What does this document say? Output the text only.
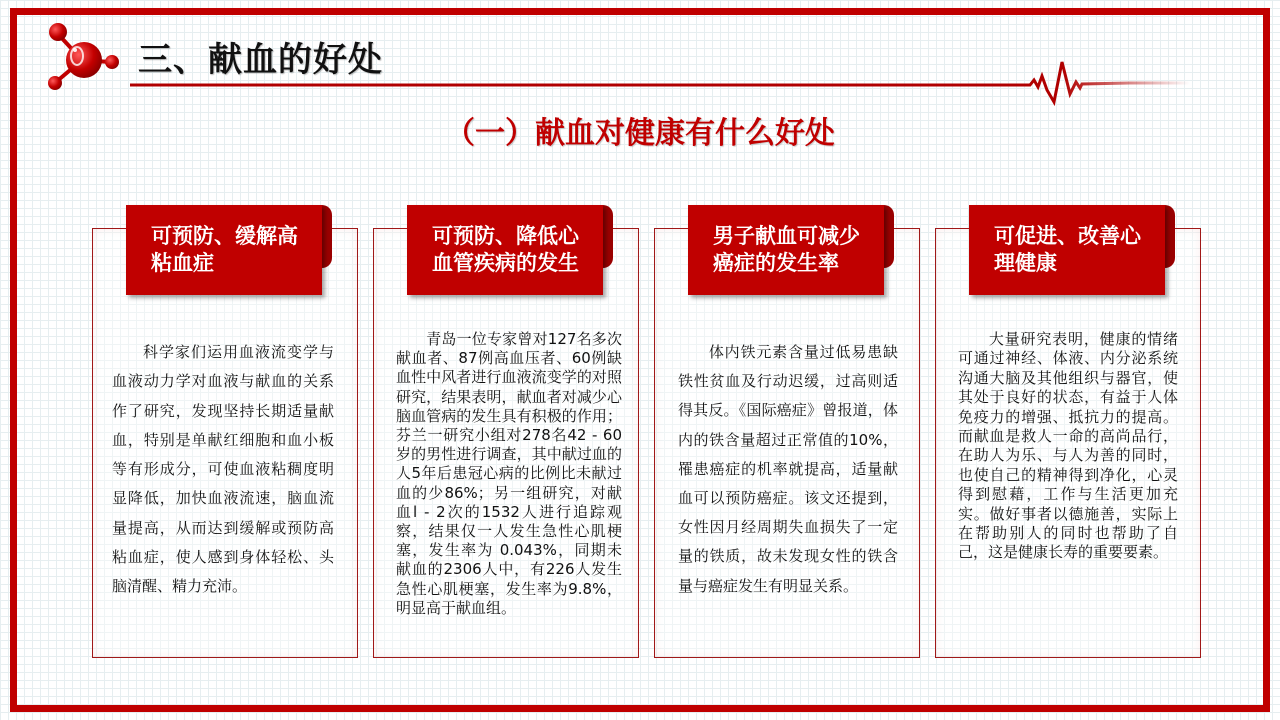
三、献血的好处
（一）献血对健康有什么好处
可预防、缓解高
粘血症
科学家们运用血液流变学与血液动力学对血液与献血的关系作了研究，发现坚持长期适量献血，特别是单献红细胞和血小板等有形成分，可使血液粘稠度明显降低，加快血液流速，脑血流量提高，从而达到缓解或预防高粘血症，使人感到身体轻松、头脑清醒、精力充沛。
可预防、降低心
血管疾病的发生
青岛一位专家曾对127名多次献血者、87例高血压者、60例缺血性中风者进行血液流变学的对照研究，结果表明，献血者对减少心脑血管病的发生具有积极的作用；芬兰一研究小组对278名42 - 60岁的男性进行调查，其中献过血的人5年后患冠心病的比例比未献过血的少86%；另一组研究，对献血l - 2次的1532人进行追踪观察，结果仅一人发生急性心肌梗塞，发生率为 0.043%，同期未献血的2306人中，有226人发生急性心肌梗塞，发生率为9.8%，明显高于献血组。
男子献血可减少
癌症的发生率
体内铁元素含量过低易患缺铁性贫血及行动迟缓，过高则适得其反。《国际癌症》曾报道，体内的铁含量超过正常值的10%，罹患癌症的机率就提高，适量献血可以预防癌症。该文还提到，女性因月经周期失血损失了一定量的铁质，故未发现女性的铁含量与癌症发生有明显关系。
可促进、改善心
理健康
大量研究表明，健康的情绪可通过神经、体液、内分泌系统沟通大脑及其他组织与器官，使其处于良好的状态，有益于人体免疫力的增强、抵抗力的提高。而献血是救人一命的高尚品行，在助人为乐、与人为善的同时，也使自己的精神得到净化，心灵得到慰藉，工作与生活更加充实。做好事者以德施善，实际上在帮助别人的同时也帮助了自己，这是健康长寿的重要要素。
